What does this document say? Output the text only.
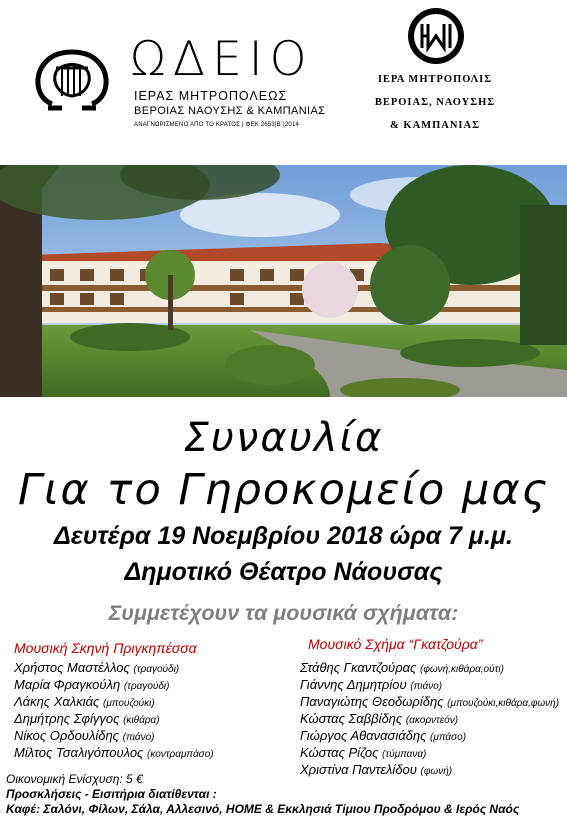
ΩΔΕΙΟ
ΙΕΡΑΣ ΜΗΤΡΟΠΟΛΕΩΣ
ΒΕΡΟΙΑΣ ΝΑΟΥΣΗΣ & ΚΑΜΠΑΝΙΑΣ
ΑΝΑΓΝΩΡΙΣΜΕΝΟ ΑΠΟ ΤΟ ΚΡΑΤΟΣ | ΦΕΚ 2653|Β΄|2014
ΙΕΡΑ ΜΗΤΡΟΠΟΛΙΣ
ΒΕΡΟΙΑΣ, ΝΑΟΥΣΗΣ
& ΚΑΜΠΑΝΙΑΣ
Συναυλία
Για το Γηροκομείο μας
Δευτέρα 19 Νοεμβρίου 2018 ώρα 7 μ.μ.
Δημοτικό Θέατρο Νάουσας
Συμμετέχουν τα μουσικά σχήματα:
Μουσική Σκηνή Πριγκηπέσσα	Μουσικό Σχήμα “Γκατζούρα”
Χρήστος Μαστέλλος (τραγούδι)
Μαρία Φραγκούλη (τραγούδι)
Λάκης Χαλκιάς (μπουζούκι)
Δημήτρης Σφίγγος (κιθάρα)
Νίκος Ορδουλίδης (πιάνο)
Μίλτος Τσαλιγόπουλος (κοντραμπάσο)
Στάθης Γκαντζούρας (φωνή,κιθάρα,ούτι)
Γιάννης Δημητρίου (πιάνο)
Παναγιώτης Θεοδωρίδης (μπουζούκι,κιθάρα,φωνή)
Κώστας Σαββίδης (ακορντεόν)
Γιώργος Αθανασιάδης (μπάσο)
Κώστας Ρίζος (τύμπανα)
Χριστίνα Παντελίδου (φωνή)
Οικονομική Ενίσχυση: 5 €
Προσκλήσεις - Εισιτήρια διατίθενται :
Καφέ: Σαλόνι, Φίλων, Σάλα, Αλλεσινό, HOME & Εκκλησιά Τίμιου Προδρόμου & Ιερός Ναός
